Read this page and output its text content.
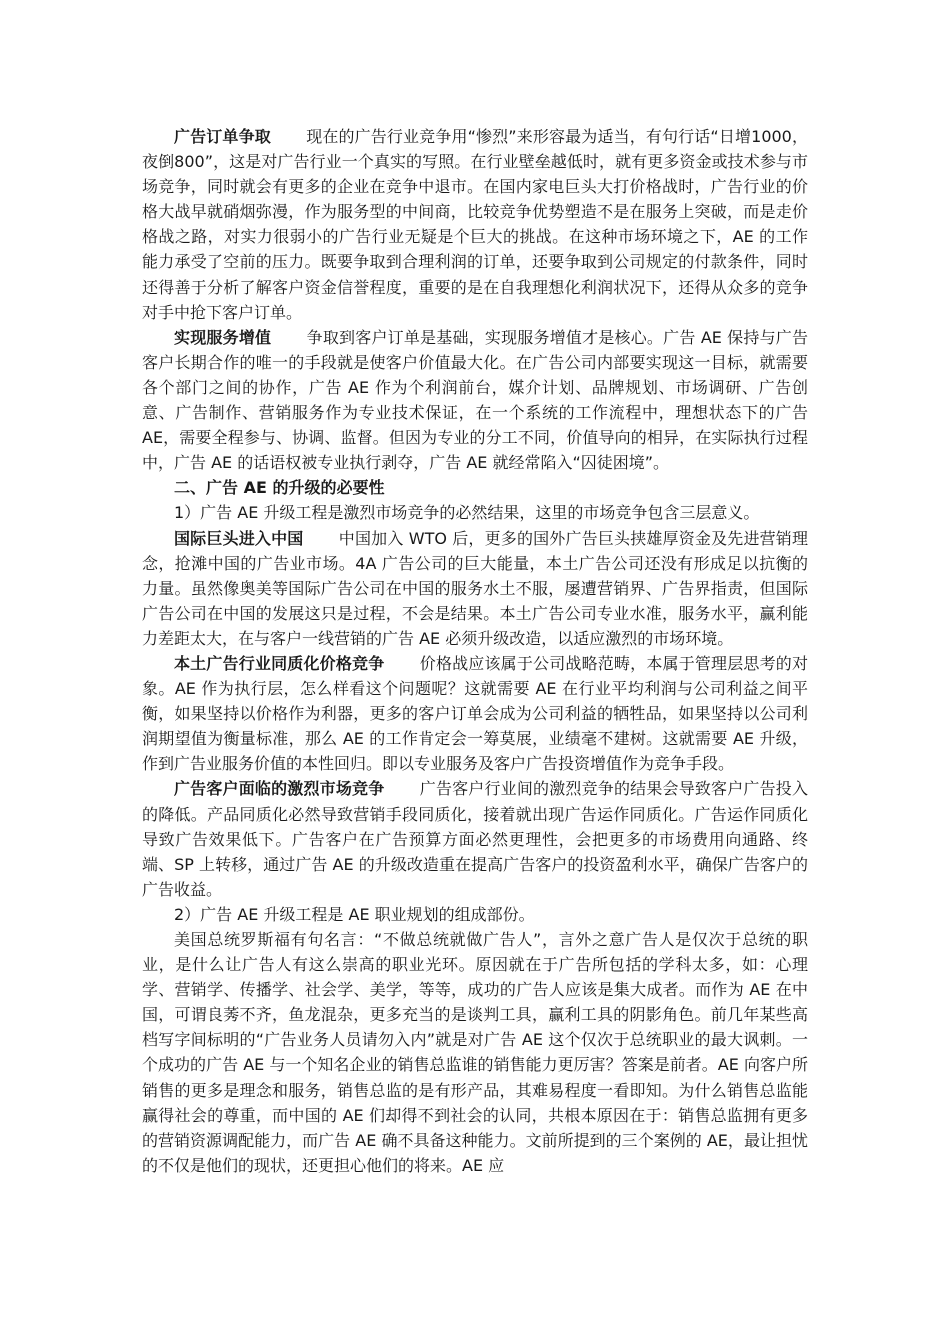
广告订单争取 现在的广告行业竞争用“惨烈”来形容最为适当，有句行话“日增1000，夜倒800”，这是对广告行业一个真实的写照。在行业壁垒越低时，就有更多资金或技术参与市场竞争，同时就会有更多的企业在竞争中退市。在国内家电巨头大打价格战时，广告行业的价格大战早就硝烟弥漫，作为服务型的中间商，比较竞争优势塑造不是在服务上突破，而是走价格战之路，对实力很弱小的广告行业无疑是个巨大的挑战。在这种市场环境之下，AE 的工作能力承受了空前的压力。既要争取到合理利润的订单，还要争取到公司规定的付款条件，同时还得善于分析了解客户资金信誉程度，重要的是在自我理想化利润状况下，还得从众多的竞争对手中抢下客户订单。

实现服务增值 争取到客户订单是基础，实现服务增值才是核心。广告 AE 保持与广告客户长期合作的唯一的手段就是使客户价值最大化。在广告公司内部要实现这一目标，就需要各个部门之间的协作，广告 AE 作为个利润前台，媒介计划、品牌规划、市场调研、广告创意、广告制作、营销服务作为专业技术保证，在一个系统的工作流程中，理想状态下的广告 AE，需要全程参与、协调、监督。但因为专业的分工不同，价值导向的相异，在实际执行过程中，广告 AE 的话语权被专业执行剥夺，广告 AE 就经常陷入“囚徒困境”。

二、广告 AE 的升级的必要性

1）广告 AE 升级工程是激烈市场竞争的必然结果，这里的市场竞争包含三层意义。

国际巨头进入中国 中国加入 WTO 后，更多的国外广告巨头挟雄厚资金及先进营销理念，抢滩中国的广告业市场。4A 广告公司的巨大能量，本土广告公司还没有形成足以抗衡的力量。虽然像奥美等国际广告公司在中国的服务水土不服，屡遭营销界、广告界指责，但国际广告公司在中国的发展这只是过程，不会是结果。本土广告公司专业水准，服务水平，赢利能力差距太大，在与客户一线营销的广告 AE 必须升级改造，以适应激烈的市场环境。

本土广告行业同质化价格竞争 价格战应该属于公司战略范畴，本属于管理层思考的对象。AE 作为执行层，怎么样看这个问题呢？这就需要 AE 在行业平均利润与公司利益之间平衡，如果坚持以价格作为利器，更多的客户订单会成为公司利益的牺牲品，如果坚持以公司利润期望值为衡量标准，那么 AE 的工作肯定会一筹莫展，业绩毫不建树。这就需要 AE 升级，作到广告业服务价值的本性回归。即以专业服务及客户广告投资增值作为竞争手段。

广告客户面临的激烈市场竞争 广告客户行业间的激烈竞争的结果会导致客户广告投入的降低。产品同质化必然导致营销手段同质化，接着就出现广告运作同质化。广告运作同质化导致广告效果低下。广告客户在广告预算方面必然更理性，会把更多的市场费用向通路、终端、SP 上转移，通过广告 AE 的升级改造重在提高广告客户的投资盈利水平，确保广告客户的广告收益。

2）广告 AE 升级工程是 AE 职业规划的组成部份。

美国总统罗斯福有句名言：“不做总统就做广告人”，言外之意广告人是仅次于总统的职业，是什么让广告人有这么崇高的职业光环。原因就在于广告所包括的学科太多，如：心理学、营销学、传播学、社会学、美学，等等，成功的广告人应该是集大成者。而作为 AE 在中国，可谓良莠不齐，鱼龙混杂，更多充当的是谈判工具，赢利工具的阴影角色。前几年某些高档写字间标明的“广告业务人员请勿入内”就是对广告 AE 这个仅次于总统职业的最大讽刺。一个成功的广告 AE 与一个知名企业的销售总监谁的销售能力更厉害？答案是前者。AE 向客户所销售的更多是理念和服务，销售总监的是有形产品，其难易程度一看即知。为什么销售总监能赢得社会的尊重，而中国的 AE 们却得不到社会的认同，共根本原因在于：销售总监拥有更多的营销资源调配能力，而广告 AE 确不具备这种能力。文前所提到的三个案例的 AE，最让担忧的不仅是他们的现状，还更担心他们的将来。AE 应
